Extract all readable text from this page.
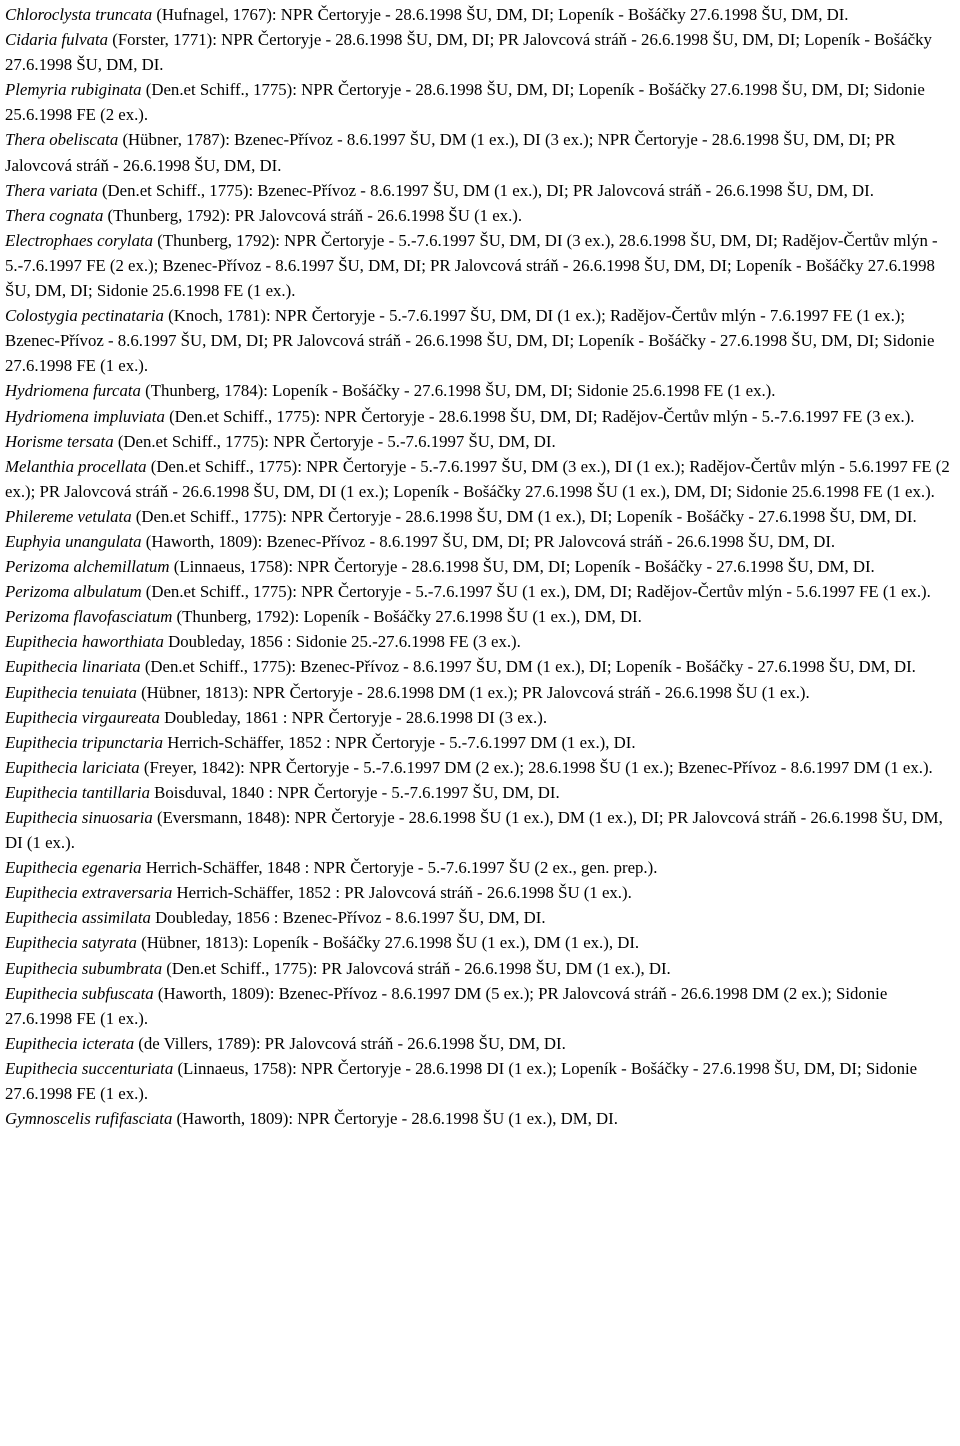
Chloroclysta truncata (Hufnagel, 1767): NPR Čertoryje - 28.6.1998 ŠU, DM, DI; Lopeník - Bošáčky 27.6.1998 ŠU, DM, DI.

Cidaria fulvata (Forster, 1771): NPR Čertoryje - 28.6.1998 ŠU, DM, DI; PR Jalovcová stráň - 26.6.1998 ŠU, DM, DI; Lopeník - Bošáčky 27.6.1998 ŠU, DM, DI.

Plemyria rubiginata (Den.et Schiff., 1775): NPR Čertoryje - 28.6.1998 ŠU, DM, DI; Lopeník - Bošáčky 27.6.1998 ŠU, DM, DI; Sidonie 25.6.1998 FE (2 ex.).

Thera obeliscata (Hübner, 1787): Bzenec-Přívoz - 8.6.1997 ŠU, DM (1 ex.), DI (3 ex.); NPR Čertoryje - 28.6.1998 ŠU, DM, DI; PR Jalovcová stráň - 26.6.1998 ŠU, DM, DI.

Thera variata (Den.et Schiff., 1775): Bzenec-Přívoz - 8.6.1997 ŠU, DM (1 ex.), DI; PR Jalovcová stráň - 26.6.1998 ŠU, DM, DI.

Thera cognata (Thunberg, 1792): PR Jalovcová stráň - 26.6.1998 ŠU (1 ex.).

Electrophaes corylata (Thunberg, 1792): NPR Čertoryje - 5.-7.6.1997 ŠU, DM, DI (3 ex.), 28.6.1998 ŠU, DM, DI; Radějov-Čertův mlýn - 5.-7.6.1997 FE (2 ex.); Bzenec-Přívoz - 8.6.1997 ŠU, DM, DI; PR Jalovcová stráň - 26.6.1998 ŠU, DM, DI; Lopeník - Bošáčky 27.6.1998 ŠU, DM, DI; Sidonie 25.6.1998 FE (1 ex.).

Colostygia pectinataria (Knoch, 1781): NPR Čertoryje - 5.-7.6.1997 ŠU, DM, DI (1 ex.); Radějov-Čertův mlýn - 7.6.1997 FE (1 ex.); Bzenec-Přívoz - 8.6.1997 ŠU, DM, DI; PR Jalovcová stráň - 26.6.1998 ŠU, DM, DI; Lopeník - Bošáčky - 27.6.1998 ŠU, DM, DI; Sidonie 27.6.1998 FE (1 ex.).

Hydriomena furcata (Thunberg, 1784): Lopeník - Bošáčky - 27.6.1998 ŠU, DM, DI; Sidonie 25.6.1998 FE (1 ex.).

Hydriomena impluviata (Den.et Schiff., 1775): NPR Čertoryje - 28.6.1998 ŠU, DM, DI; Radějov-Čertův mlýn - 5.-7.6.1997 FE (3 ex.).

Horisme tersata (Den.et Schiff., 1775): NPR Čertoryje - 5.-7.6.1997 ŠU, DM, DI.

Melanthia procellata (Den.et Schiff., 1775): NPR Čertoryje - 5.-7.6.1997 ŠU, DM (3 ex.), DI (1 ex.); Radějov-Čertův mlýn - 5.6.1997 FE (2 ex.); PR Jalovcová stráň - 26.6.1998 ŠU, DM, DI (1 ex.); Lopeník - Bošáčky 27.6.1998 ŠU (1 ex.), DM, DI; Sidonie 25.6.1998 FE (1 ex.).

Philereme vetulata (Den.et Schiff., 1775): NPR Čertoryje - 28.6.1998 ŠU, DM (1 ex.), DI; Lopeník - Bošáčky - 27.6.1998 ŠU, DM, DI.

Euphyia unangulata (Haworth, 1809): Bzenec-Přívoz - 8.6.1997 ŠU, DM, DI; PR Jalovcová stráň - 26.6.1998 ŠU, DM, DI.

Perizoma alchemillatum (Linnaeus, 1758): NPR Čertoryje - 28.6.1998 ŠU, DM, DI; Lopeník - Bošáčky - 27.6.1998 ŠU, DM, DI.

Perizoma albulatum (Den.et Schiff., 1775): NPR Čertoryje - 5.-7.6.1997 ŠU (1 ex.), DM, DI; Radějov-Čertův mlýn - 5.6.1997 FE (1 ex.).

Perizoma flavofasciatum (Thunberg, 1792): Lopeník - Bošáčky 27.6.1998 ŠU (1 ex.), DM, DI.

Eupithecia haworthiata Doubleday, 1856 : Sidonie 25.-27.6.1998 FE (3 ex.).

Eupithecia linariata (Den.et Schiff., 1775): Bzenec-Přívoz - 8.6.1997 ŠU, DM (1 ex.), DI; Lopeník - Bošáčky - 27.6.1998 ŠU, DM, DI.

Eupithecia tenuiata (Hübner, 1813): NPR Čertoryje - 28.6.1998 DM (1 ex.); PR Jalovcová stráň - 26.6.1998 ŠU (1 ex.).

Eupithecia virgaureata Doubleday, 1861 : NPR Čertoryje - 28.6.1998 DI (3 ex.).

Eupithecia tripunctaria Herrich-Schäffer, 1852 : NPR Čertoryje - 5.-7.6.1997 DM (1 ex.), DI.

Eupithecia lariciata (Freyer, 1842): NPR Čertoryje - 5.-7.6.1997 DM (2 ex.); 28.6.1998 ŠU (1 ex.); Bzenec-Přívoz - 8.6.1997 DM (1 ex.).

Eupithecia tantillaria Boisduval, 1840 : NPR Čertoryje - 5.-7.6.1997 ŠU, DM, DI.

Eupithecia sinuosaria (Eversmann, 1848): NPR Čertoryje - 28.6.1998 ŠU (1 ex.), DM (1 ex.), DI; PR Jalovcová stráň - 26.6.1998 ŠU, DM, DI (1 ex.).

Eupithecia egenaria Herrich-Schäffer, 1848 : NPR Čertoryje - 5.-7.6.1997 ŠU (2 ex., gen. prep.).

Eupithecia extraversaria Herrich-Schäffer, 1852 : PR Jalovcová stráň - 26.6.1998 ŠU (1 ex.).

Eupithecia assimilata Doubleday, 1856 : Bzenec-Přívoz - 8.6.1997 ŠU, DM, DI.

Eupithecia satyrata (Hübner, 1813): Lopeník - Bošáčky 27.6.1998 ŠU (1 ex.), DM (1 ex.), DI.

Eupithecia subumbrata (Den.et Schiff., 1775): PR Jalovcová stráň - 26.6.1998 ŠU, DM (1 ex.), DI.

Eupithecia subfuscata (Haworth, 1809): Bzenec-Přívoz - 8.6.1997 DM (5 ex.); PR Jalovcová stráň - 26.6.1998 DM (2 ex.); Sidonie 27.6.1998 FE (1 ex.).

Eupithecia icterata (de Villers, 1789): PR Jalovcová stráň - 26.6.1998 ŠU, DM, DI.

Eupithecia succenturiata (Linnaeus, 1758): NPR Čertoryje - 28.6.1998 DI (1 ex.); Lopeník - Bošáčky - 27.6.1998 ŠU, DM, DI; Sidonie 27.6.1998 FE (1 ex.).

Gymnoscelis rufifasciata (Haworth, 1809): NPR Čertoryje - 28.6.1998 ŠU (1 ex.), DM, DI.
